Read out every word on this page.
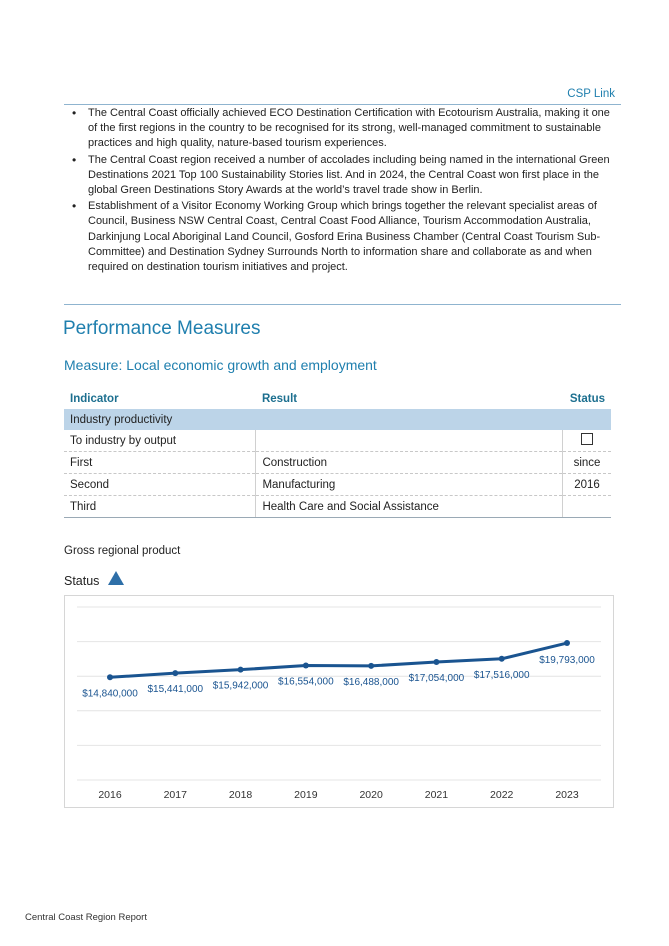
CSP Link
• The Central Coast officially achieved ECO Destination Certification with Ecotourism Australia, making it one of the first regions in the country to be recognised for its strong, well-managed commitment to sustainable practices and high quality, nature-based tourism experiences.
• The Central Coast region received a number of accolades including being named in the international Green Destinations 2021 Top 100 Sustainability Stories list. And in 2024, the Central Coast won first place in the global Green Destinations Story Awards at the world’s travel trade show in Berlin.
• Establishment of a Visitor Economy Working Group which brings together the relevant specialist areas of Council, Business NSW Central Coast, Central Coast Food Alliance, Tourism Accommodation Australia, Darkinjung Local Aboriginal Land Council, Gosford Erina Business Chamber (Central Coast Tourism Sub-Committee) and Destination Sydney Surrounds North to information share and collaborate as and when required on destination tourism initiatives and project.
Performance Measures
Measure: Local economic growth and employment
Indicator	Result	Status
Industry productivity		
To industry by output		
First	Construction	since
Second	Manufacturing	2016
Third	Health Care and Social Assistance	
Gross regional product
Status
$14,840,000
2016
$15,441,000
2017
$15,942,000
2018
$16,554,000
2019
$16,488,000
2020
$17,054,000
2021
$17,516,000
2022
$19,793,000
2023
Central Coast Region Report
